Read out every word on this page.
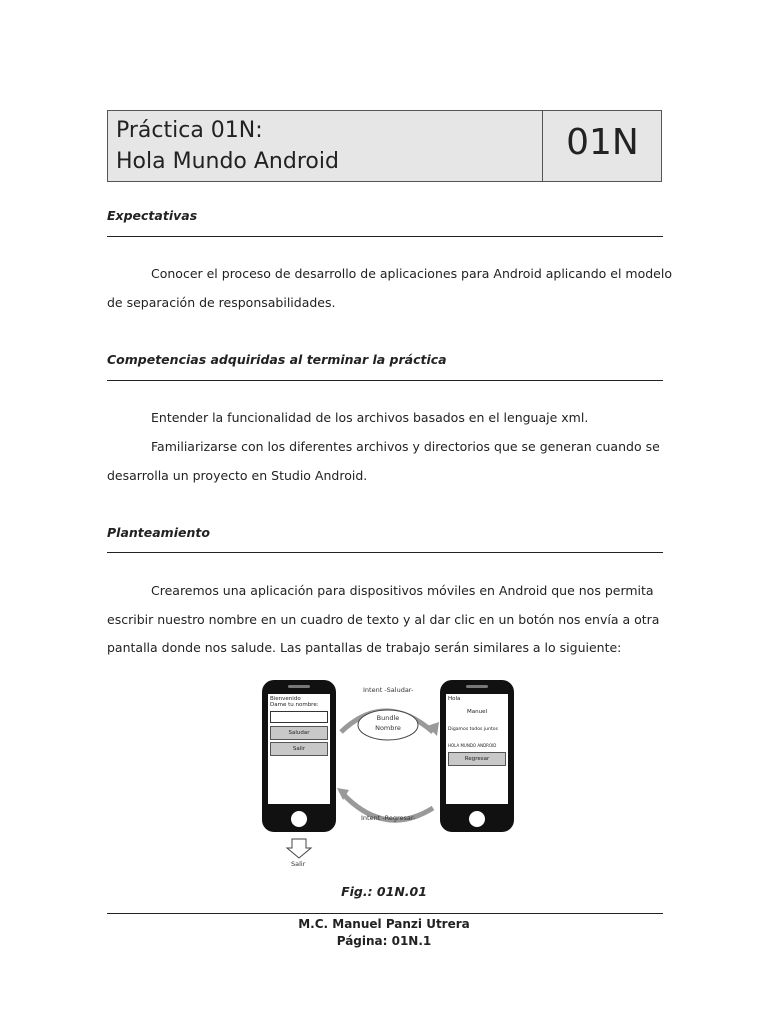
Práctica 01N:
Hola Mundo Android	01N
Expectativas
Conocer el proceso de desarrollo de aplicaciones para Android aplicando el modelo
de separación de responsabilidades.
Competencias adquiridas al terminar la práctica
Entender la funcionalidad de los archivos basados en el lenguaje xml.
Familiarizarse con los diferentes archivos y directorios que se generan cuando se
desarrolla un proyecto en Studio Android.
Planteamiento
Crearemos una aplicación para dispositivos móviles en Android que nos permita
escribir nuestro nombre en un cuadro de texto y al dar clic en un botón nos envía a otra
pantalla donde nos salude. Las pantallas de trabajo serán similares a lo siguiente:
Bienvenido
Dame tu nombre:
Saludar
Salir
Hola
Manuel
Digamos todos juntos
HOLA MUNDO ANDROID
Regresar
Intent -Saludar-
Bundle
Nombre
Intent -Regresar-
Salir
Fig.: 01N.01
M.C. Manuel Panzi Utrera
Página: 01N.1
